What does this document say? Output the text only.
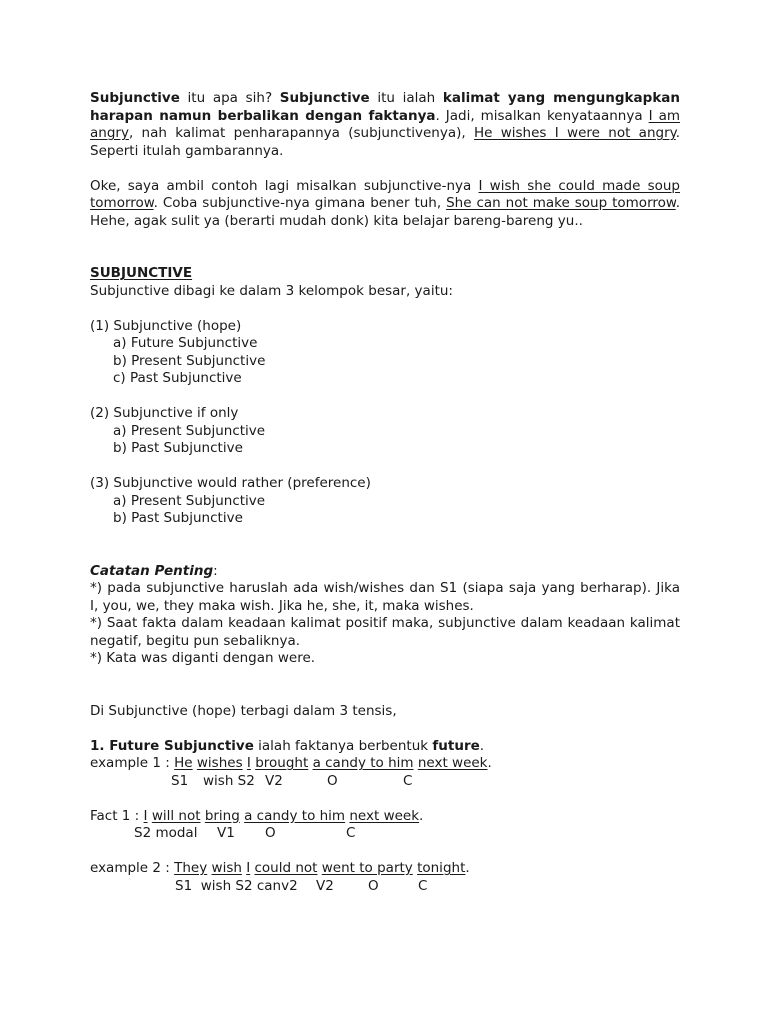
Subjunctive itu apa sih? Subjunctive itu ialah kalimat yang mengungkapkan harapan namun berbalikan dengan faktanya. Jadi, misalkan kenyataannya I am angry, nah kalimat penharapannya (subjunctivenya), He wishes I were not angry. Seperti itulah gambarannya.

Oke, saya ambil contoh lagi misalkan subjunctive-nya I wish she could made soup tomorrow. Coba subjunctive-nya gimana bener tuh, She can not make soup tomorrow. Hehe, agak sulit ya (berarti mudah donk) kita belajar bareng-bareng yu..

SUBJUNCTIVE

Subjunctive dibagi ke dalam 3 kelompok besar, yaitu:

(1) Subjunctive (hope)

a) Future Subjunctive

b) Present Subjunctive

c) Past Subjunctive

(2) Subjunctive if only

a) Present Subjunctive

b) Past Subjunctive

(3) Subjunctive would rather (preference)

a) Present Subjunctive

b) Past Subjunctive

Catatan Penting:

*) pada subjunctive haruslah ada wish/wishes dan S1 (siapa saja yang berharap). Jika I, you, we, they maka wish. Jika he, she, it, maka wishes.

*) Saat fakta dalam keadaan kalimat positif maka, subjunctive dalam keadaan kalimat negatif, begitu pun sebaliknya.

*) Kata was diganti dengan were.

Di Subjunctive (hope) terbagi dalam 3 tensis,

1. Future Subjunctive ialah faktanya berbentuk future.

example 1 : He wishes I brought a candy to him next week.

S1 wish S2 V2	O	C

Fact 1 : I will not bring a candy to him next week.

S2 modal V1 O	C

example 2 : They wish I could not went to party tonight.

S1  wish S2 canv2 V2	O	C
